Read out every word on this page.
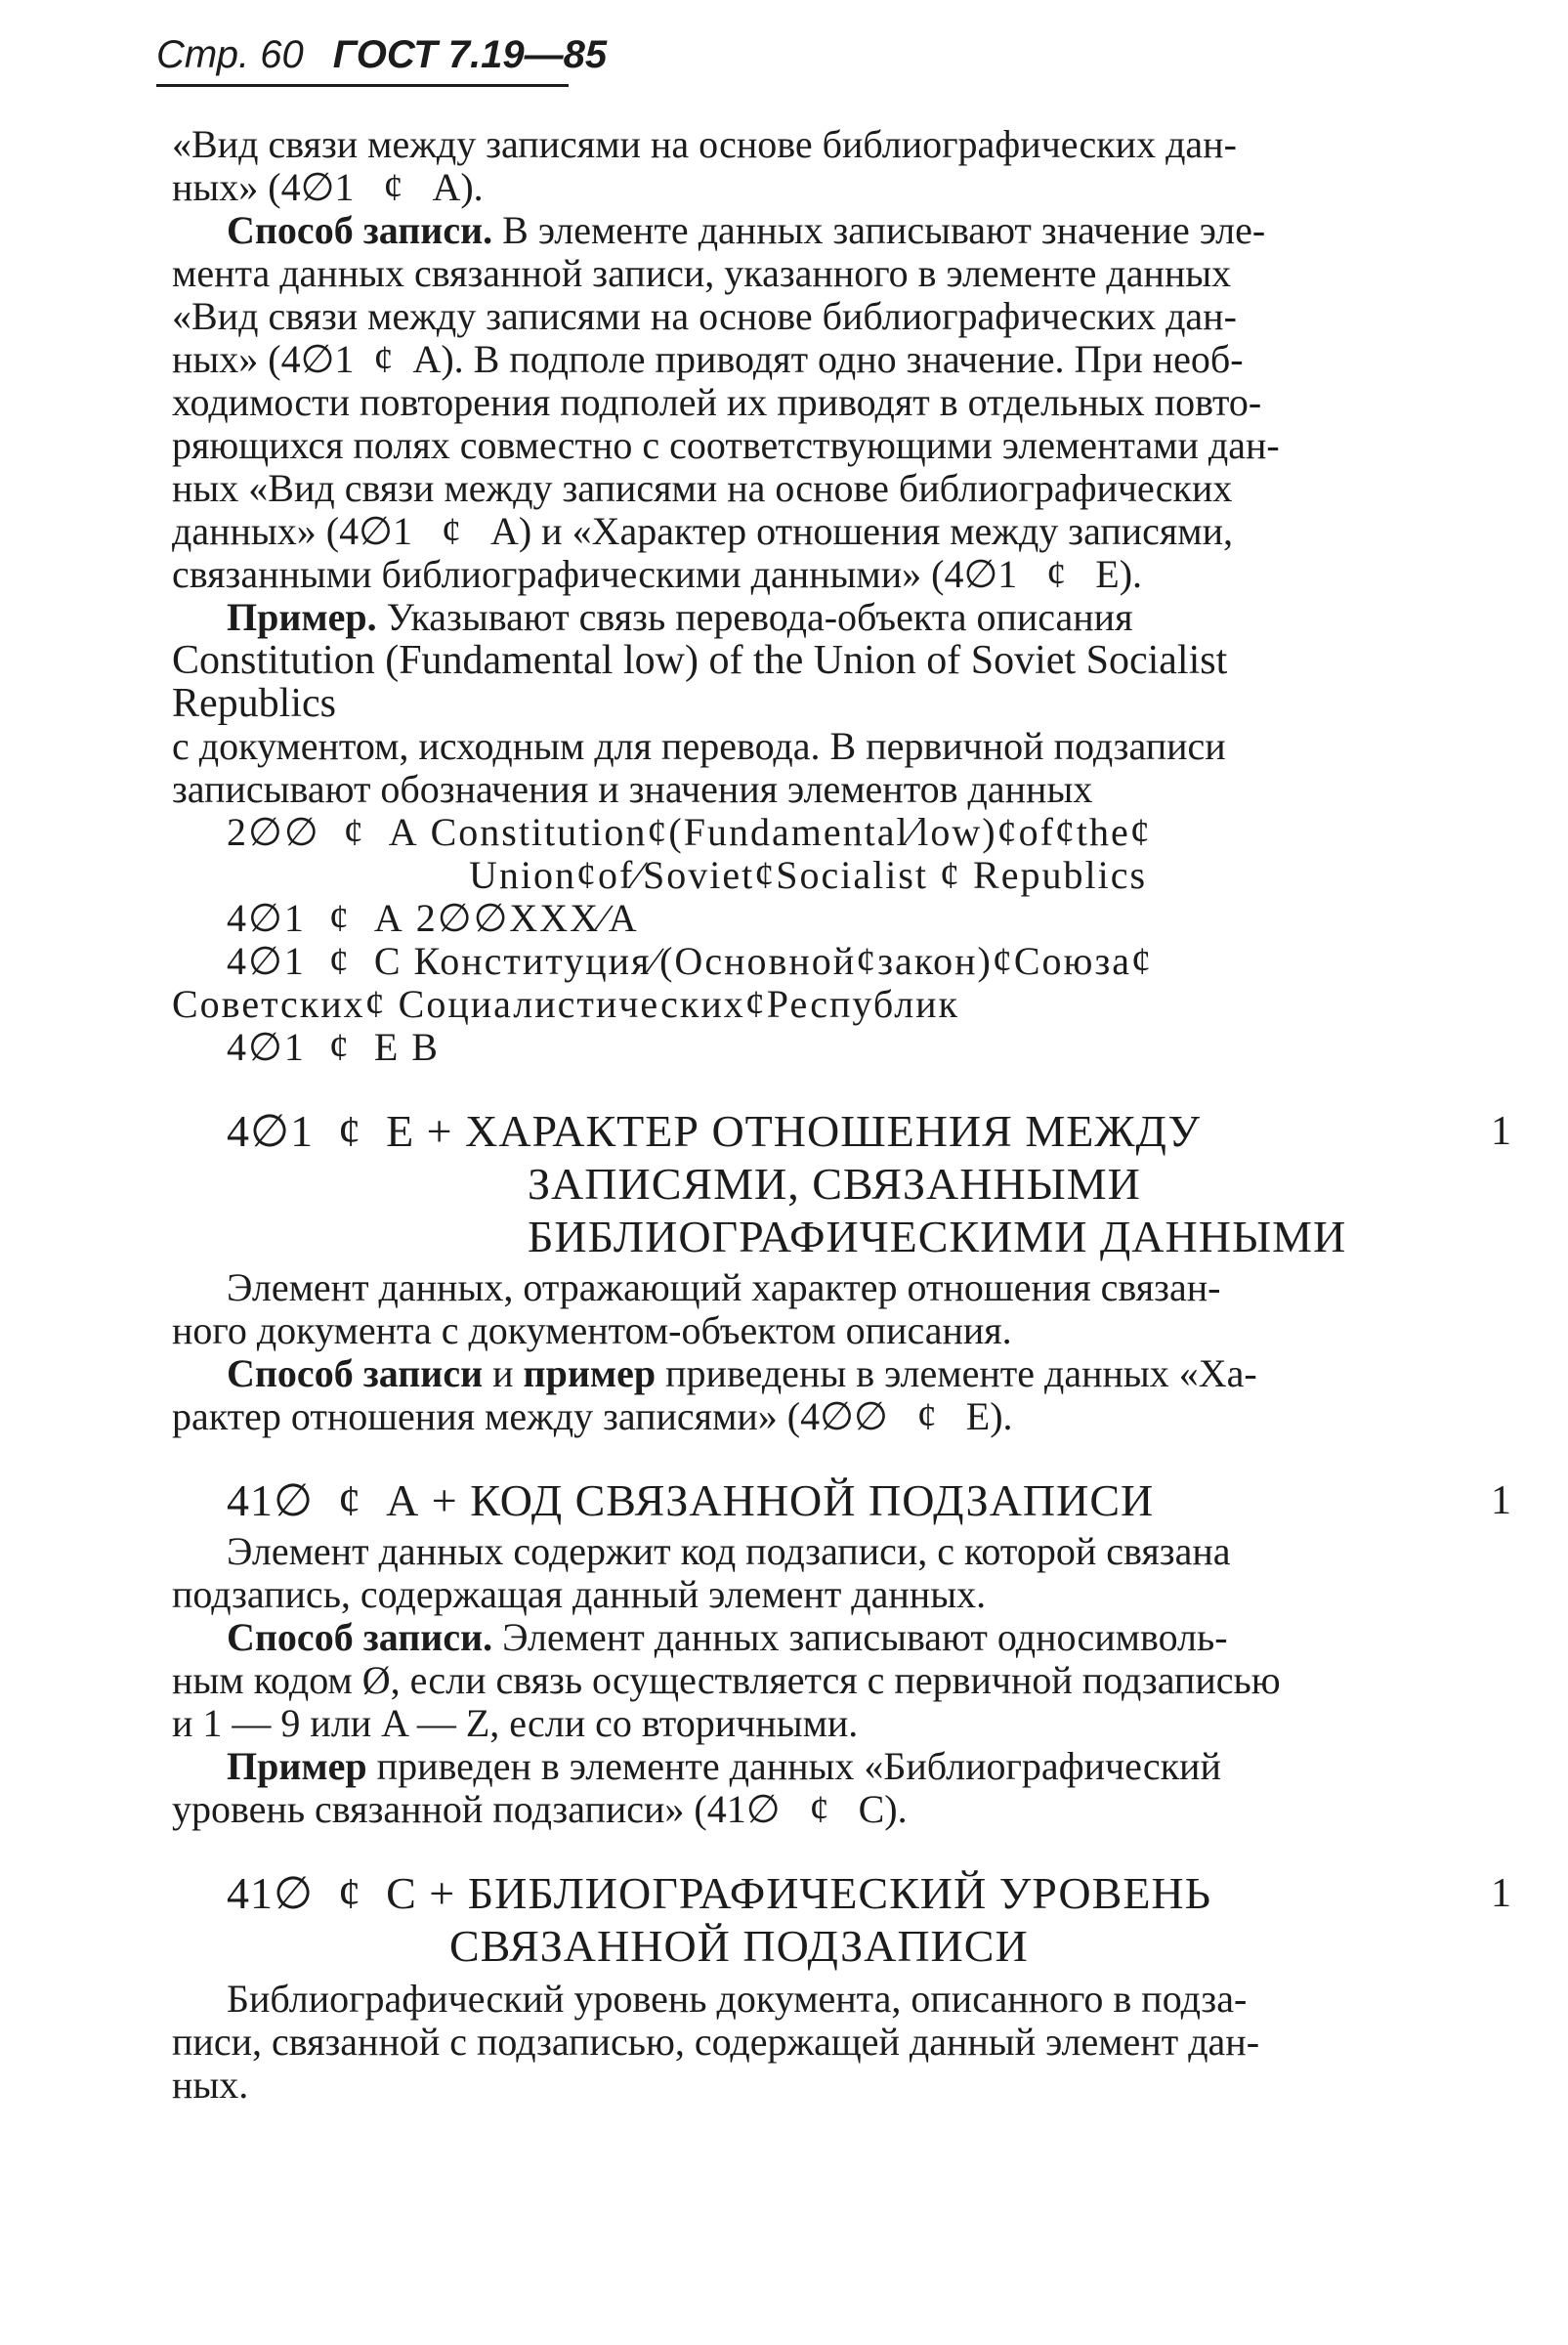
Стр. 60 ГОСТ 7.19—85
«Вид связи между записями на основе библиографических дан-
ных» (4∅1 ¢ А).
Способ записи. В элементе данных записывают значение эле-
мента данных связанной записи, указанного в элементе данных
«Вид связи между записями на основе библиографических дан-
ных» (4∅1 ¢ А). В подполе приводят одно значение. При необ-
ходимости повторения подполей их приводят в отдельных повто-
ряющихся полях совместно с соответствующими элементами дан-
ных «Вид связи между записями на основе библиографических
данных» (4∅1 ¢ А) и «Характер отношения между записями,
связанными библиографическими данными» (4∅1 ¢ Е).
Пример. Указывают связь перевода-объекта описания
Constitution (Fundamental low) of the Union of Soviet Socialist
Republics
с документом, исходным для перевода. В первичной подзаписи
записывают обозначения и значения элементов данных
2∅∅ ¢ А Constitution¢(Fundamental∕low)¢of¢the¢
Union¢of∕Soviet¢Socialist ¢ Republics
4∅1 ¢ А 2∅∅XXX∕А
4∅1 ¢ С Конституция∕(Основной¢закон)¢Союза¢
Советских¢ Социалистических¢Республик
4∅1 ¢ Е В
4∅1 ¢ Е + ХАРАКТЕР ОТНОШЕНИЯ МЕЖДУ	1
ЗАПИСЯМИ, СВЯЗАННЫМИ
БИБЛИОГРАФИЧЕСКИМИ ДАННЫМИ
Элемент данных, отражающий характер отношения связан-
ного документа с документом-объектом описания.
Способ записи и пример приведены в элементе данных «Ха-
рактер отношения между записями» (4∅∅ ¢ Е).
41∅ ¢ А + КОД СВЯЗАННОЙ ПОДЗАПИСИ	1
Элемент данных содержит код подзаписи, с которой связана
подзапись, содержащая данный элемент данных.
Способ записи. Элемент данных записывают односимволь-
ным кодом Ø, если связь осуществляется с первичной подзаписью
и 1 — 9 или A — Z, если со вторичными.
Пример приведен в элементе данных «Библиографический
уровень связанной подзаписи» (41∅ ¢ С).
41∅ ¢ С + БИБЛИОГРАФИЧЕСКИЙ УРОВЕНЬ	1
СВЯЗАННОЙ ПОДЗАПИСИ
Библиографический уровень документа, описанного в подза-
писи, связанной с подзаписью, содержащей данный элемент дан-
ных.
